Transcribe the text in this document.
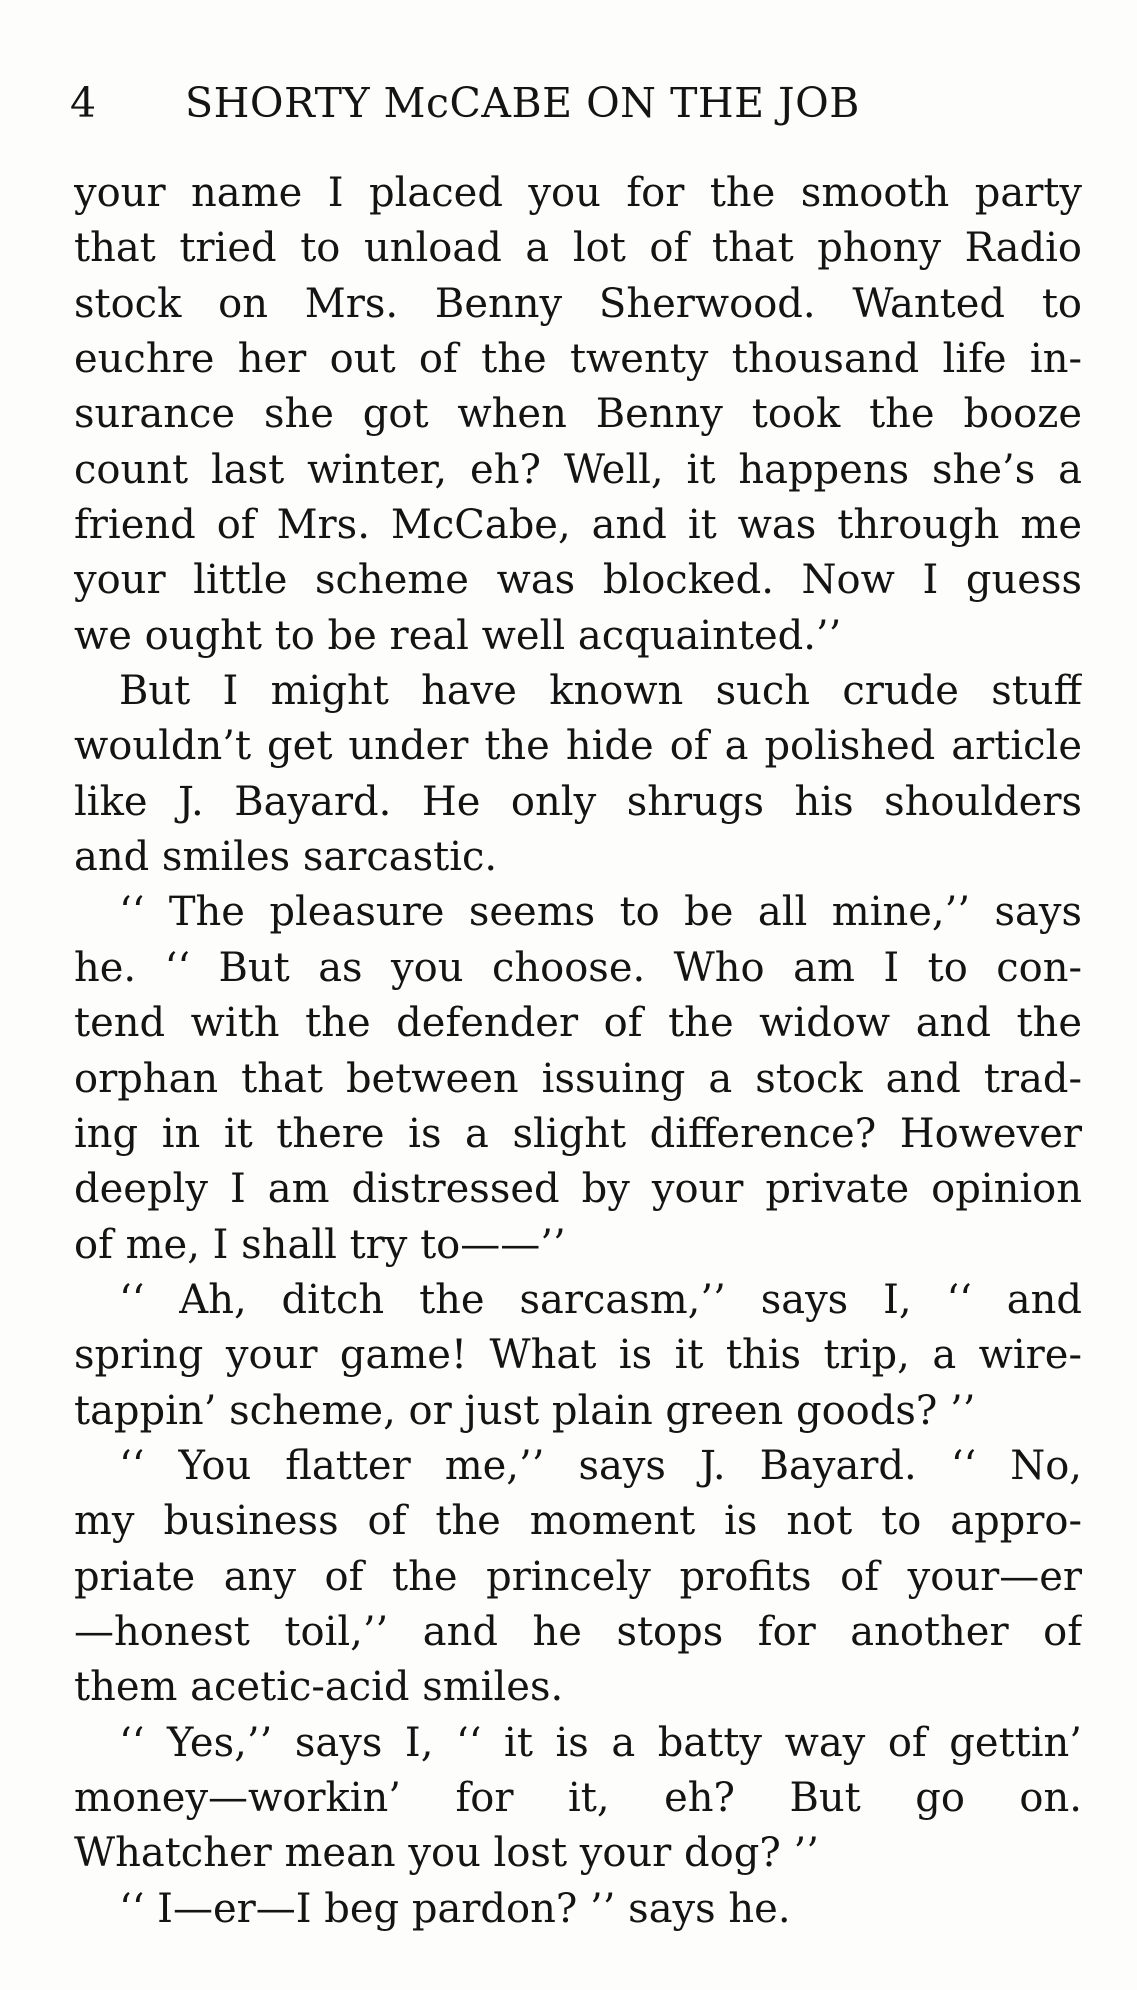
4 SHORTY McCABE ON THE JOB
your name I placed you for the smooth party
that tried to unload a lot of that phony Radio
stock on Mrs. Benny Sherwood. Wanted to
euchre her out of the twenty thousand life in-
surance she got when Benny took the booze
count last winter, eh? Well, it happens she’s a
friend of Mrs. McCabe, and it was through me
your little scheme was blocked. Now I guess
we ought to be real well acquainted.’’
But I might have known such crude stuff
wouldn’t get under the hide of a polished article
like J. Bayard. He only shrugs his shoulders
and smiles sarcastic.
‘‘ The pleasure seems to be all mine,’’ says
he. ‘‘ But as you choose. Who am I to con-
tend with the defender of the widow and the
orphan that between issuing a stock and trad-
ing in it there is a slight difference? However
deeply I am distressed by your private opinion
of me, I shall try to——’’
‘‘ Ah, ditch the sarcasm,’’ says I, ‘‘ and
spring your game! What is it this trip, a wire-
tappin’ scheme, or just plain green goods? ’’
‘‘ You flatter me,’’ says J. Bayard. ‘‘ No,
my business of the moment is not to appro-
priate any of the princely profits of your—er
—honest toil,’’ and he stops for another of
them acetic-acid smiles.
‘‘ Yes,’’ says I, ‘‘ it is a batty way of gettin’
money—workin’ for it, eh? But go on.
Whatcher mean you lost your dog? ’’
‘‘ I—er—I beg pardon? ’’ says he.
